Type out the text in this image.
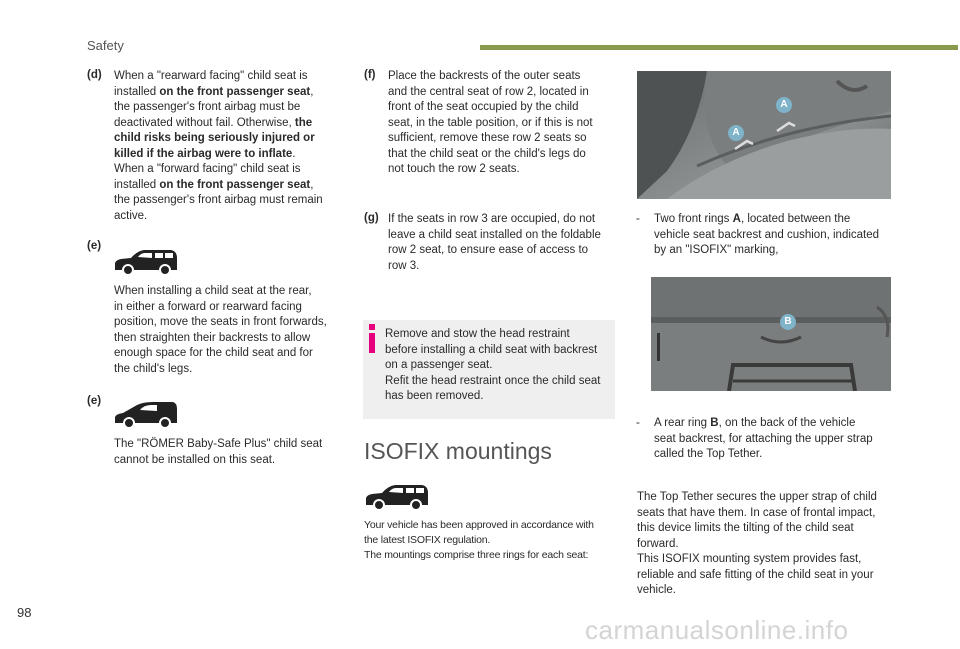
Safety
(d) When a "rearward facing" child seat is
installed on the front passenger seat,
the passenger's front airbag must be
deactivated without fail. Otherwise, the
child risks being seriously injured or
killed if the airbag were to inflate.
When a "forward facing" child seat is
installed on the front passenger seat,
the passenger's front airbag must remain
active.
(e)
When installing a child seat at the rear,
in either a forward or rearward facing
position, move the seats in front forwards,
then straighten their backrests to allow
enough space for the child seat and for
the child's legs.
(e)
The "RÖMER Baby-Safe Plus" child seat
cannot be installed on this seat.
(f) Place the backrests of the outer seats
and the central seat of row 2, located in
front of the seat occupied by the child
seat, in the table position, or if this is not
sufficient, remove these row 2 seats so
that the child seat or the child's legs do
not touch the row 2 seats.
(g) If the seats in row 3 are occupied, do not
leave a child seat installed on the foldable
row 2 seat, to ensure ease of access to
row 3.
Remove and stow the head restraint
before installing a child seat with backrest
on a passenger seat.
Refit the head restraint once the child seat
has been removed.
ISOFIX mountings
Your vehicle has been approved in accordance with
the latest ISOFIX regulation.
The mountings comprise three rings for each seat:
A
A
- Two front rings A, located between the
vehicle seat backrest and cushion, indicated
by an "ISOFIX" marking,
B
- A rear ring B, on the back of the vehicle
seat backrest, for attaching the upper strap
called the Top Tether.
The Top Tether secures the upper strap of child
seats that have them. In case of frontal impact,
this device limits the tilting of the child seat
forward.
This ISOFIX mounting system provides fast,
reliable and safe fitting of the child seat in your
vehicle.
98
carmanualsonline.info
